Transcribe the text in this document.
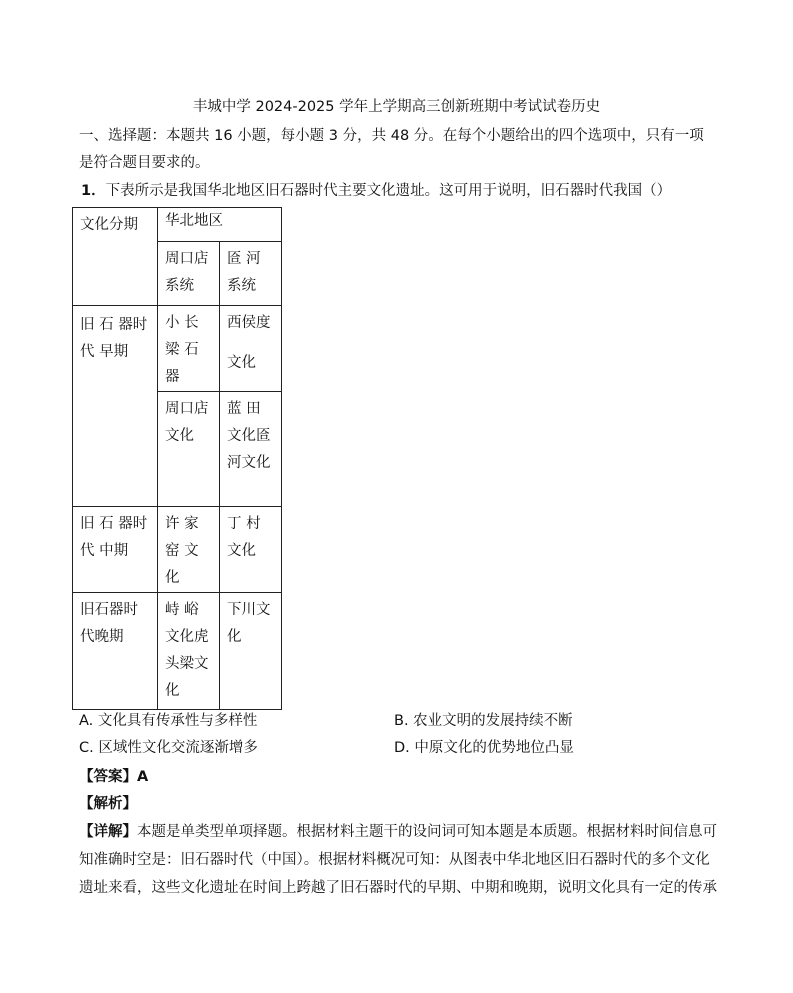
丰城中学 2024-2025 学年上学期高三创新班期中考试试卷历史
一、选择题：本题共 16 小题，每小题 3 分，共 48 分。在每个小题给出的四个选项中，只有一项
是符合题目要求的。
1．下表所示是我国华北地区旧石器时代主要文化遗址。这可用于说明，旧石器时代我国（）
文化分期	华北地区	
	周口店系统	匼 河系统
旧 石 器时 代 早期	小 长梁 石器	西侯度
文化

	周口店文化	蓝 田文化匼 河文化
旧 石 器时 代 中期	许 家窑 文化	丁 村文化
旧石器时代晚期	峙 峪文化虎头梁文化	下川文化
A. 文化具有传承性与多样性	B. 农业文明的发展持续不断
C. 区域性文化交流逐渐增多	D. 中原文化的优势地位凸显
【答案】A
【解析】
【详解】本题是单类型单项择题。根据材料主题干的设问词可知本题是本质题。根据材料时间信息可
知准确时空是：旧石器时代（中国）。根据材料概况可知：从图表中华北地区旧石器时代的多个文化
遗址来看，这些文化遗址在时间上跨越了旧石器时代的早期、中期和晚期，说明文化具有一定的传承
